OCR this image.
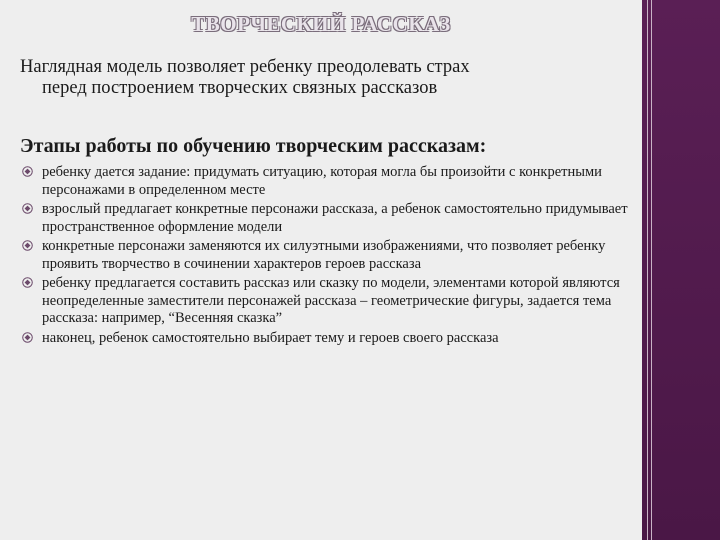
ТВОРЧЕСКИЙ РАССКАЗ
Наглядная модель позволяет ребенку преодолевать страх
перед построением творческих связных рассказов
Этапы работы по обучению творческим рассказам:
ребенку дается задание: придумать ситуацию, которая могла бы произойти с конкретными персонажами в определенном месте
взрослый предлагает конкретные персонажи рассказа, а ребенок самостоятельно придумывает пространственное оформление модели
конкретные персонажи заменяются их силуэтными изображениями, что позволяет ребенку проявить творчество в сочинении характеров героев рассказа
ребенку предлагается составить рассказ или сказку по модели, элементами которой являются неопределенные заместители персонажей рассказа – геометрические фигуры, задается тема рассказа: например, “Весенняя сказка”
наконец, ребенок самостоятельно выбирает тему и героев своего рассказа
